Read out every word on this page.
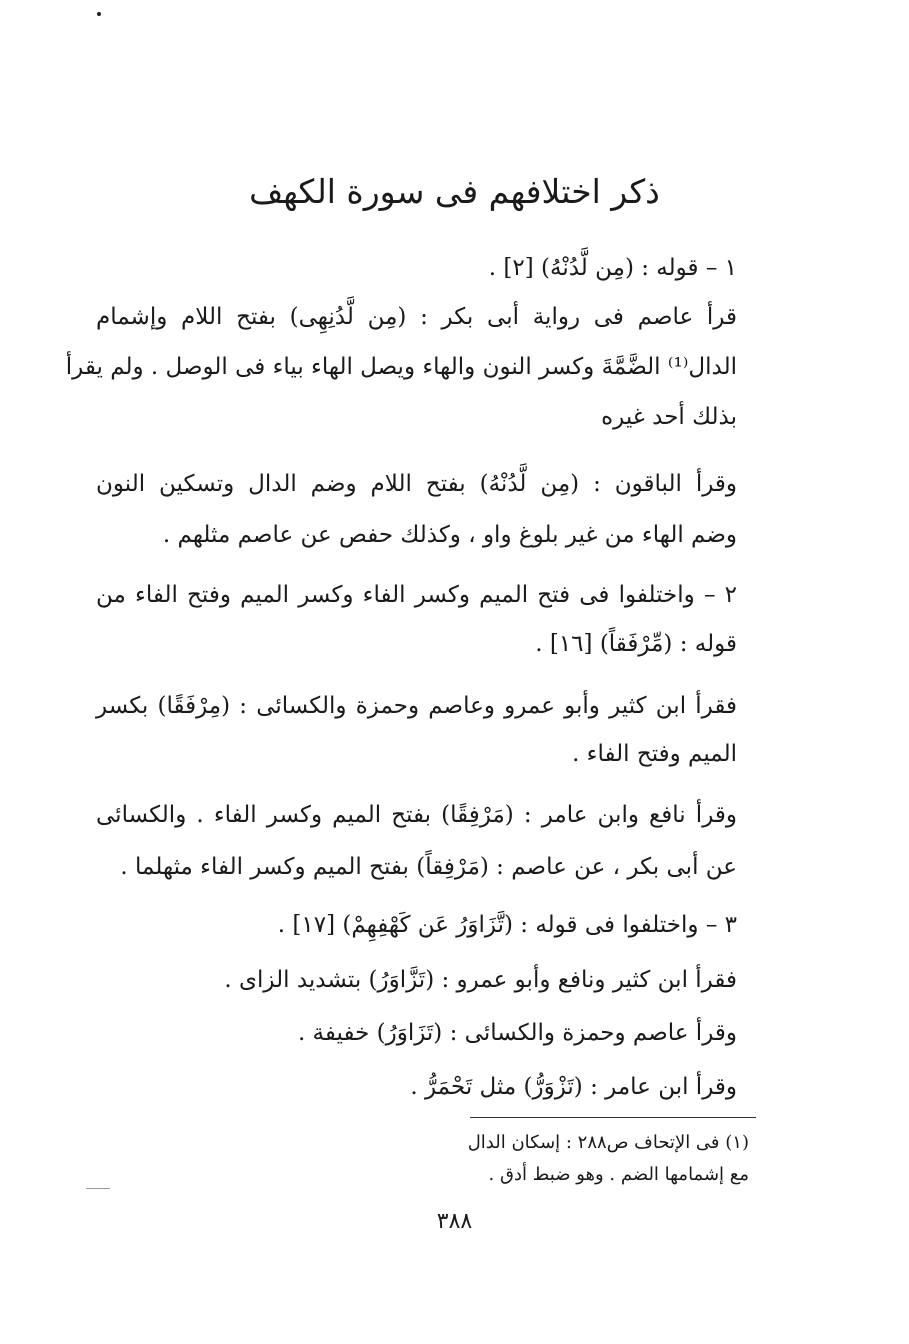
ذكر اختلافهم فى سورة الكهف
١ – قوله : (مِن لَّدُنْهُ) [٢] .
قرأ عاصم فى رواية أبى بكر : (مِن لَّدُنِهِى) بفتح اللام وإشمام
الدال⁽¹⁾ الضَّمَّةَ وكسر النون والهاء ويصل الهاء بياء فى الوصل . ولم يقرأ
بذلك أحد غيره
وقرأ الباقون : (مِن لَّدُنْهُ) بفتح اللام وضم الدال وتسكين النون
وضم الهاء من غير بلوغ واو ، وكذلك حفص عن عاصم مثلهم .
٢ – واختلفوا فى فتح الميم وكسر الفاء وكسر الميم وفتح الفاء من
قوله : (مِّرْفَقاً) [١٦] .
فقرأ ابن كثير وأبو عمرو وعاصم وحمزة والكسائى : (مِرْفَقًا) بكسر
الميم وفتح الفاء .
وقرأ نافع وابن عامر : (مَرْفِقًا) بفتح الميم وكسر الفاء . والكسائى
عن أبى بكر ، عن عاصم : (مَرْفِقاً) بفتح الميم وكسر الفاء مثهلما .
٣ – واختلفوا فى قوله : (تَّزَاوَرُ عَن كَهْفِهِمْ) [١٧] .
فقرأ ابن كثير ونافع وأبو عمرو : (تَزَّاوَرُ) بتشديد الزاى .
وقرأ عاصم وحمزة والكسائى : (تَزَاوَرُ) خفيفة .
وقرأ ابن عامر : (تَزْوَرُّ) مثل تَحْمَرُّ .
(١) فى الإتحاف ص٢٨٨ : إسكان الدال
مع إشمامها الضم . وهو ضبط أدق .
٣٨٨
